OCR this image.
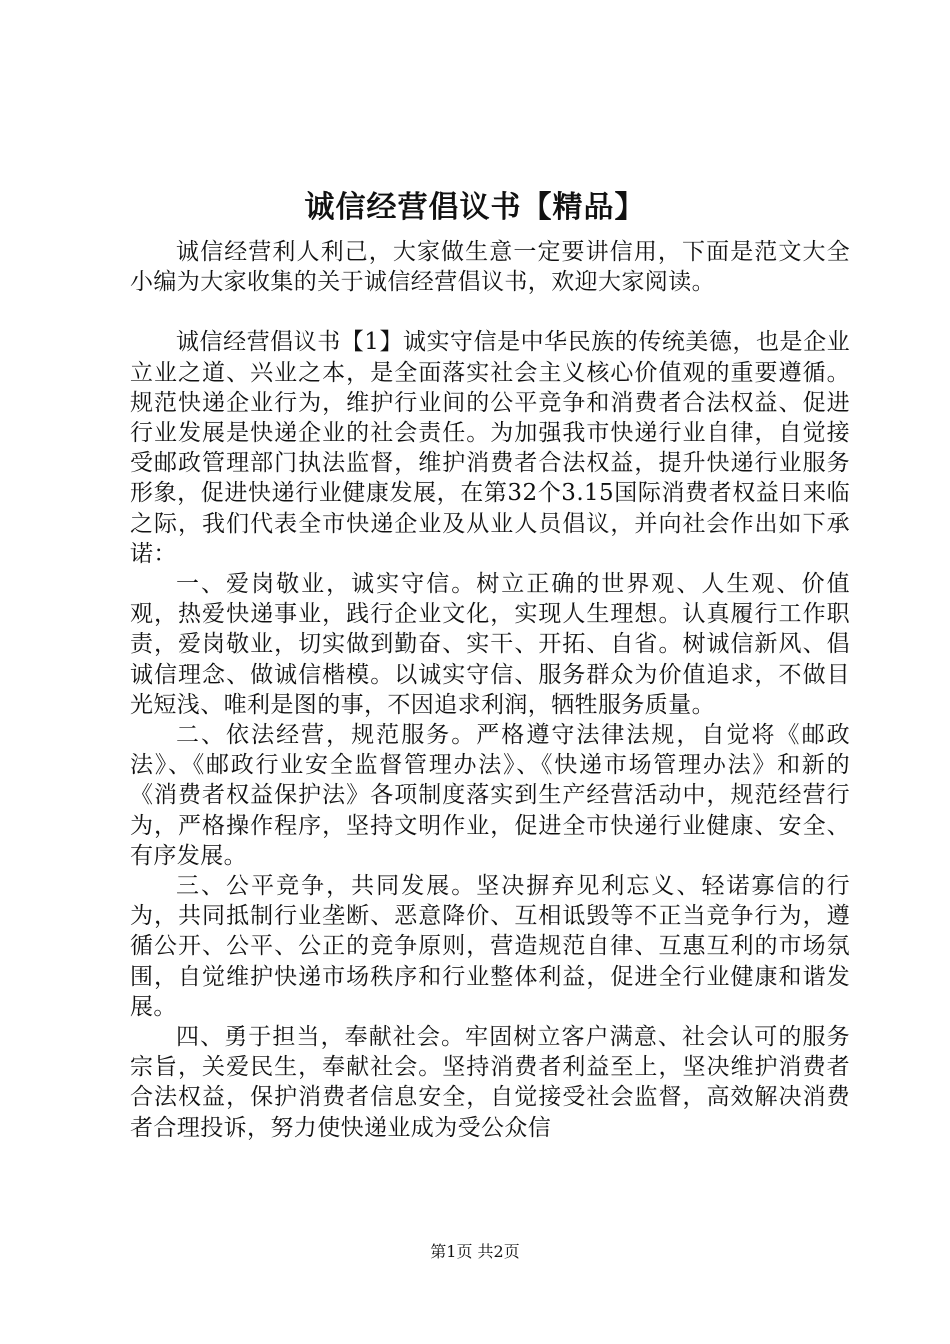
诚信经营倡议书【精品】

诚信经营利人利己，大家做生意一定要讲信用，下面是范文大全小编为大家收集的关于诚信经营倡议书，欢迎大家阅读。

诚信经营倡议书【1】诚实守信是中华民族的传统美德，也是企业立业之道、兴业之本，是全面落实社会主义核心价值观的重要遵循。规范快递企业行为，维护行业间的公平竞争和消费者合法权益、促进行业发展是快递企业的社会责任。为加强我市快递行业自律，自觉接受邮政管理部门执法监督，维护消费者合法权益，提升快递行业服务形象，促进快递行业健康发展，在第32个3.15国际消费者权益日来临之际，我们代表全市快递企业及从业人员倡议，并向社会作出如下承诺：

一、爱岗敬业，诚实守信。树立正确的世界观、人生观、价值观，热爱快递事业，践行企业文化，实现人生理想。认真履行工作职责，爱岗敬业，切实做到勤奋、实干、开拓、自省。树诚信新风、倡诚信理念、做诚信楷模。以诚实守信、服务群众为价值追求，不做目光短浅、唯利是图的事，不因追求利润，牺牲服务质量。

二、依法经营，规范服务。严格遵守法律法规，自觉将《邮政法》、《邮政行业安全监督管理办法》、《快递市场管理办法》和新的《消费者权益保护法》各项制度落实到生产经营活动中，规范经营行为，严格操作程序，坚持文明作业，促进全市快递行业健康、安全、有序发展。

三、公平竞争，共同发展。坚决摒弃见利忘义、轻诺寡信的行为，共同抵制行业垄断、恶意降价、互相诋毁等不正当竞争行为，遵循公开、公平、公正的竞争原则，营造规范自律、互惠互利的市场氛围，自觉维护快递市场秩序和行业整体利益，促进全行业健康和谐发展。

四、勇于担当，奉献社会。牢固树立客户满意、社会认可的服务宗旨，关爱民生，奉献社会。坚持消费者利益至上，坚决维护消费者合法权益，保护消费者信息安全，自觉接受社会监督，高效解决消费者合理投诉，努力使快递业成为受公众信

第1页 共2页
